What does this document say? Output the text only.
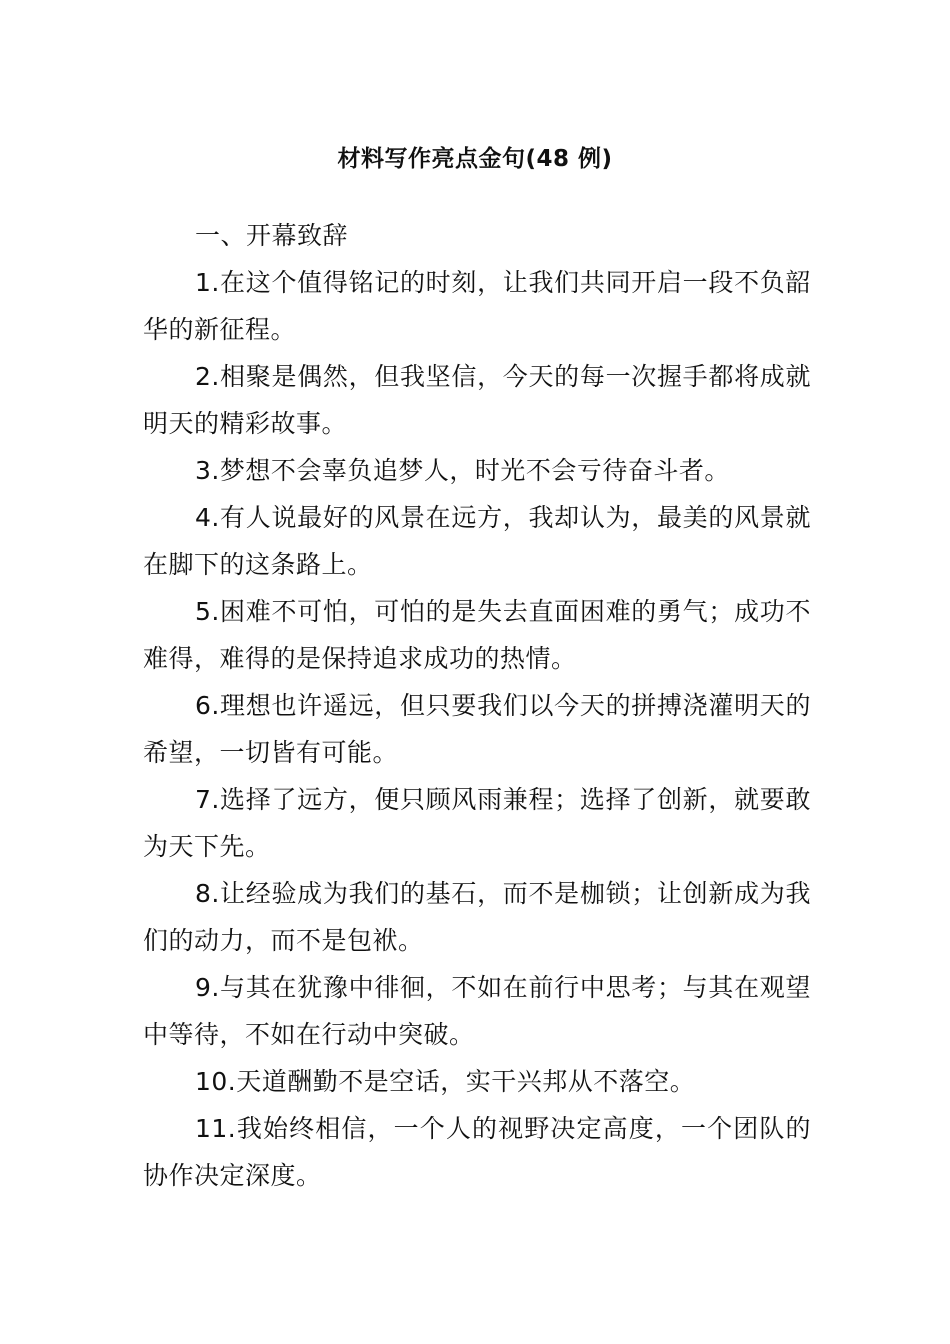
材料写作亮点金句(48 例)

一、开幕致辞

1.在这个值得铭记的时刻，让我们共同开启一段不负韶华的新征程。

2.相聚是偶然，但我坚信，今天的每一次握手都将成就明天的精彩故事。

3.梦想不会辜负追梦人，时光不会亏待奋斗者。

4.有人说最好的风景在远方，我却认为，最美的风景就在脚下的这条路上。

5.困难不可怕，可怕的是失去直面困难的勇气；成功不难得，难得的是保持追求成功的热情。

6.理想也许遥远，但只要我们以今天的拼搏浇灌明天的希望，一切皆有可能。

7.选择了远方，便只顾风雨兼程；选择了创新，就要敢为天下先。

8.让经验成为我们的基石，而不是枷锁；让创新成为我们的动力，而不是包袱。

9.与其在犹豫中徘徊，不如在前行中思考；与其在观望中等待，不如在行动中突破。

10.天道酬勤不是空话，实干兴邦从不落空。

11.我始终相信，一个人的视野决定高度，一个团队的协作决定深度。
